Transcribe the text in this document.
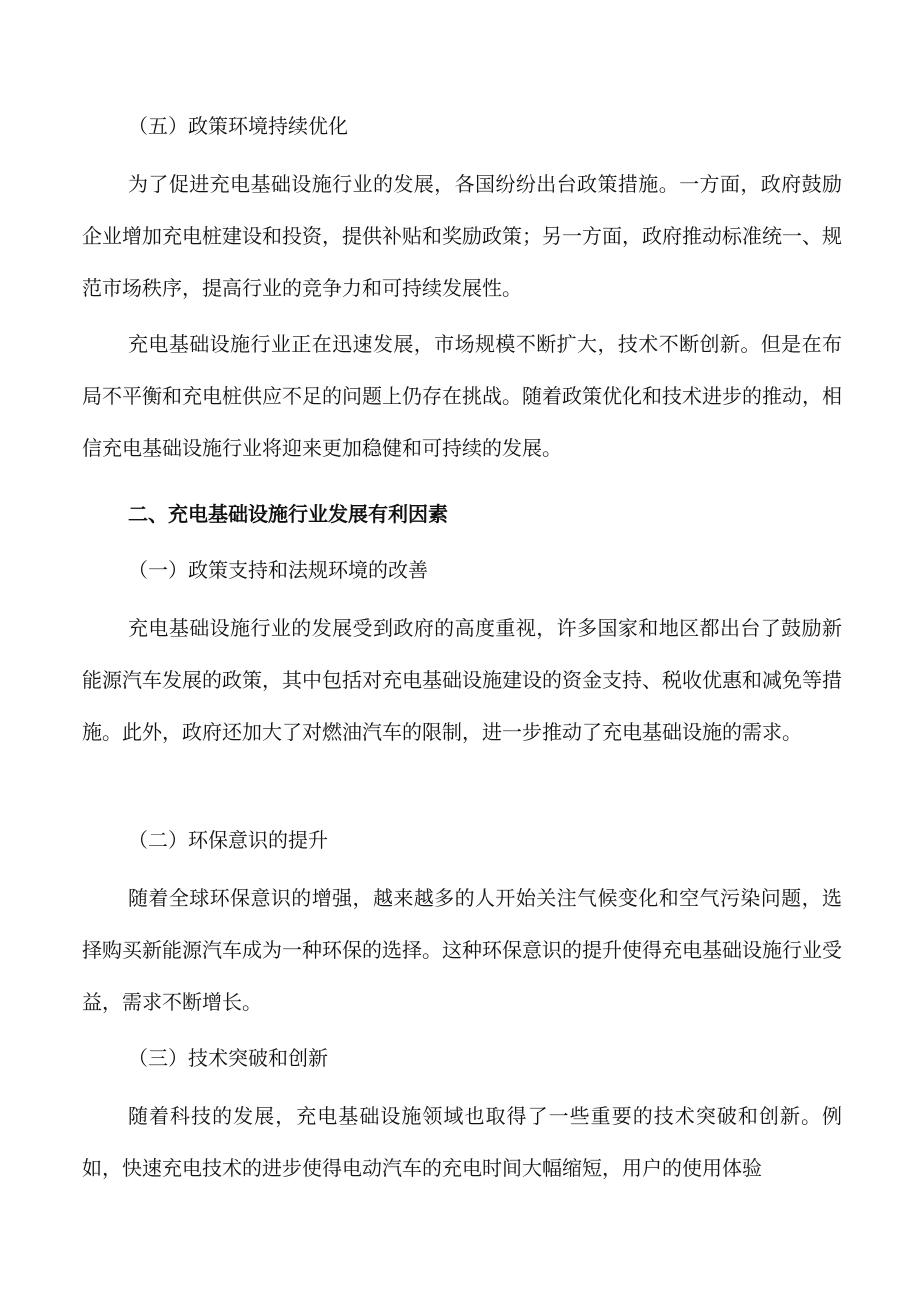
（五）政策环境持续优化

为了促进充电基础设施行业的发展，各国纷纷出台政策措施。一方面，政府鼓励企业增加充电桩建设和投资，提供补贴和奖励政策；另一方面，政府推动标准统一、规范市场秩序，提高行业的竞争力和可持续发展性。

充电基础设施行业正在迅速发展，市场规模不断扩大，技术不断创新。但是在布局不平衡和充电桩供应不足的问题上仍存在挑战。随着政策优化和技术进步的推动，相信充电基础设施行业将迎来更加稳健和可持续的发展。

二、充电基础设施行业发展有利因素
（一）政策支持和法规环境的改善

充电基础设施行业的发展受到政府的高度重视，许多国家和地区都出台了鼓励新能源汽车发展的政策，其中包括对充电基础设施建设的资金支持、税收优惠和减免等措施。此外，政府还加大了对燃油汽车的限制，进一步推动了充电基础设施的需求。

（二）环保意识的提升

随着全球环保意识的增强，越来越多的人开始关注气候变化和空气污染问题，选择购买新能源汽车成为一种环保的选择。这种环保意识的提升使得充电基础设施行业受益，需求不断增长。

（三）技术突破和创新

随着科技的发展，充电基础设施领域也取得了一些重要的技术突破和创新。例如，快速充电技术的进步使得电动汽车的充电时间大幅缩短，用户的使用体验
